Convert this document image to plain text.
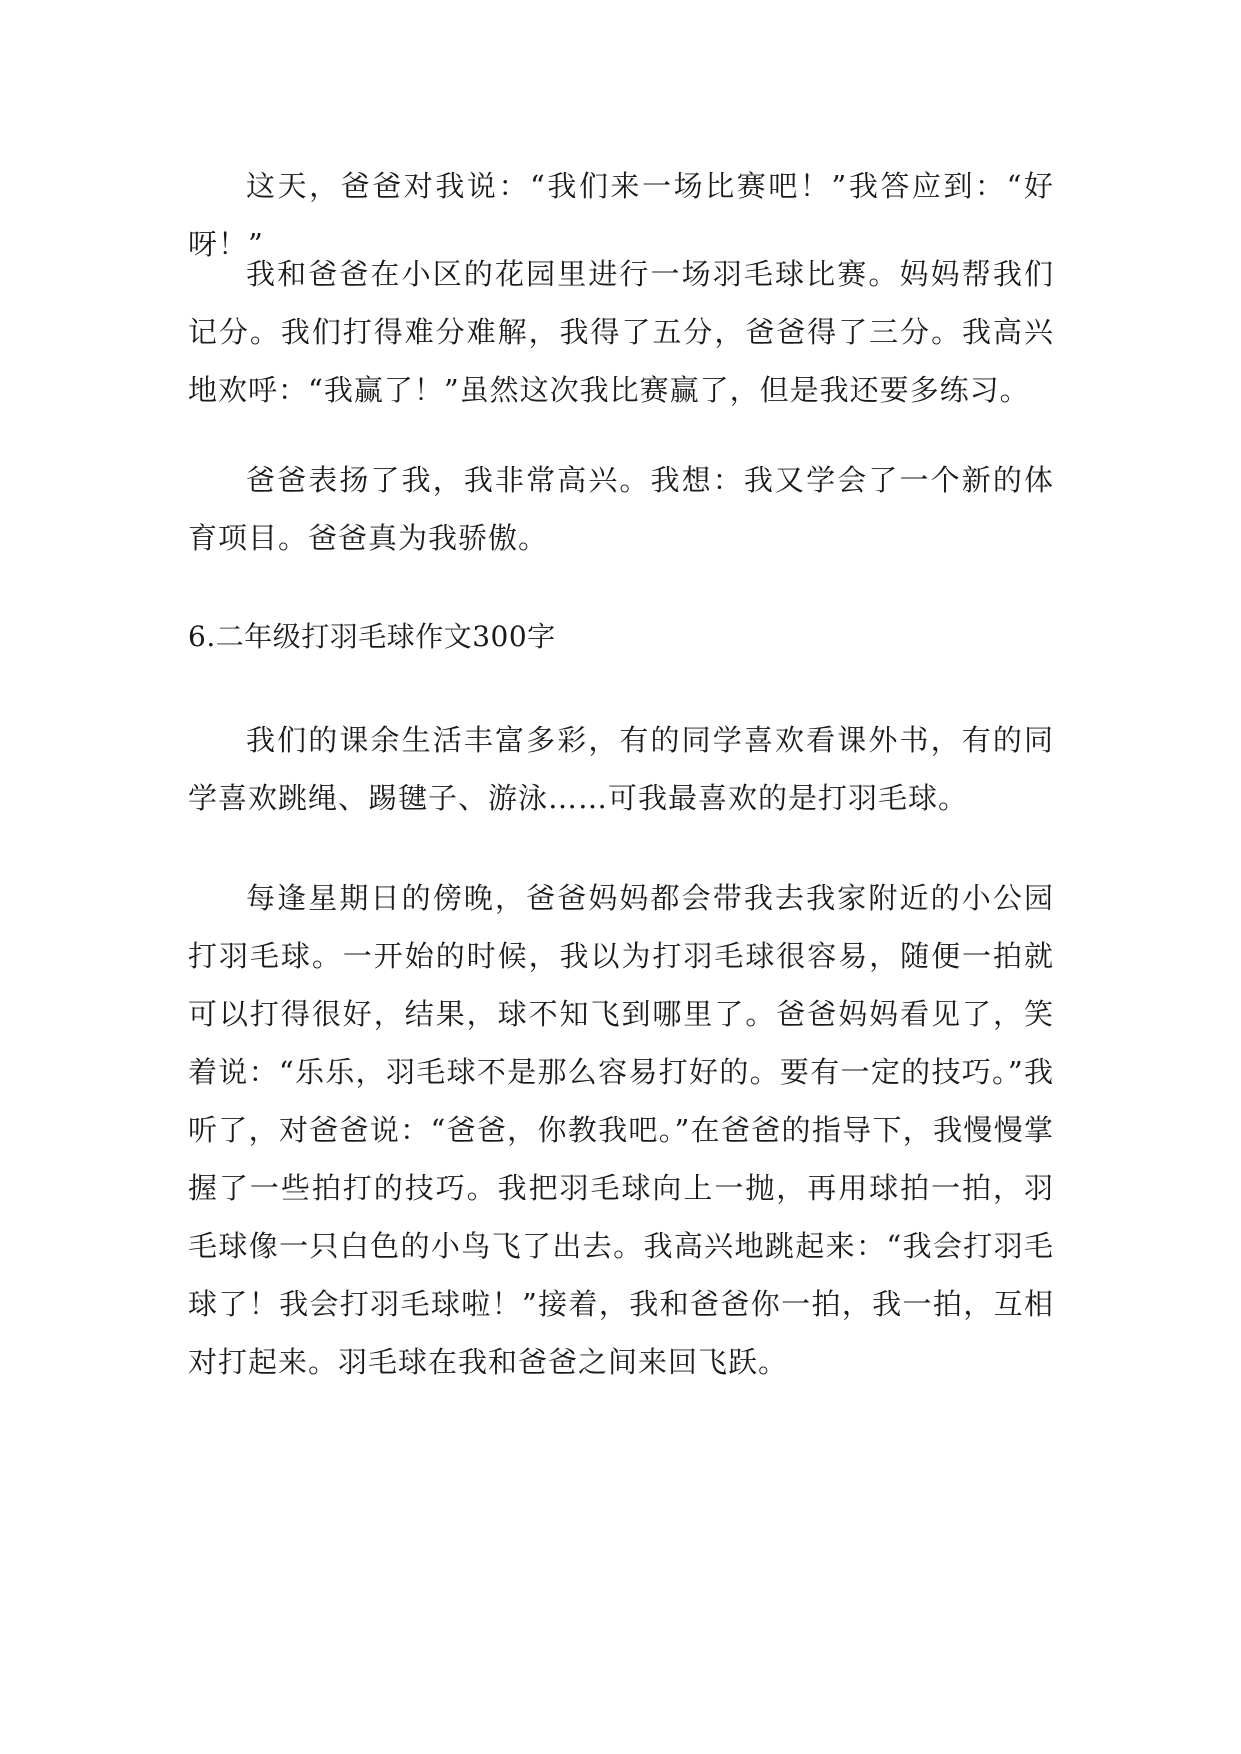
这天，爸爸对我说：“我们来一场比赛吧！”我答应到：“好呀！”

我和爸爸在小区的花园里进行一场羽毛球比赛。妈妈帮我们记分。我们打得难分难解，我得了五分，爸爸得了三分。我高兴地欢呼：“我赢了！”虽然这次我比赛赢了，但是我还要多练习。

爸爸表扬了我，我非常高兴。我想：我又学会了一个新的体育项目。爸爸真为我骄傲。

6.二年级打羽毛球作文300字

我们的课余生活丰富多彩，有的同学喜欢看课外书，有的同学喜欢跳绳、踢毽子、游泳……可我最喜欢的是打羽毛球。

每逢星期日的傍晚，爸爸妈妈都会带我去我家附近的小公园打羽毛球。一开始的时候，我以为打羽毛球很容易，随便一拍就可以打得很好，结果，球不知飞到哪里了。爸爸妈妈看见了，笑着说：“乐乐，羽毛球不是那么容易打好的。要有一定的技巧。”我听了，对爸爸说：“爸爸，你教我吧。”在爸爸的指导下，我慢慢掌握了一些拍打的技巧。我把羽毛球向上一抛，再用球拍一拍，羽毛球像一只白色的小鸟飞了出去。我高兴地跳起来：“我会打羽毛球了！我会打羽毛球啦！”接着，我和爸爸你一拍，我一拍，互相对打起来。羽毛球在我和爸爸之间来回飞跃。
